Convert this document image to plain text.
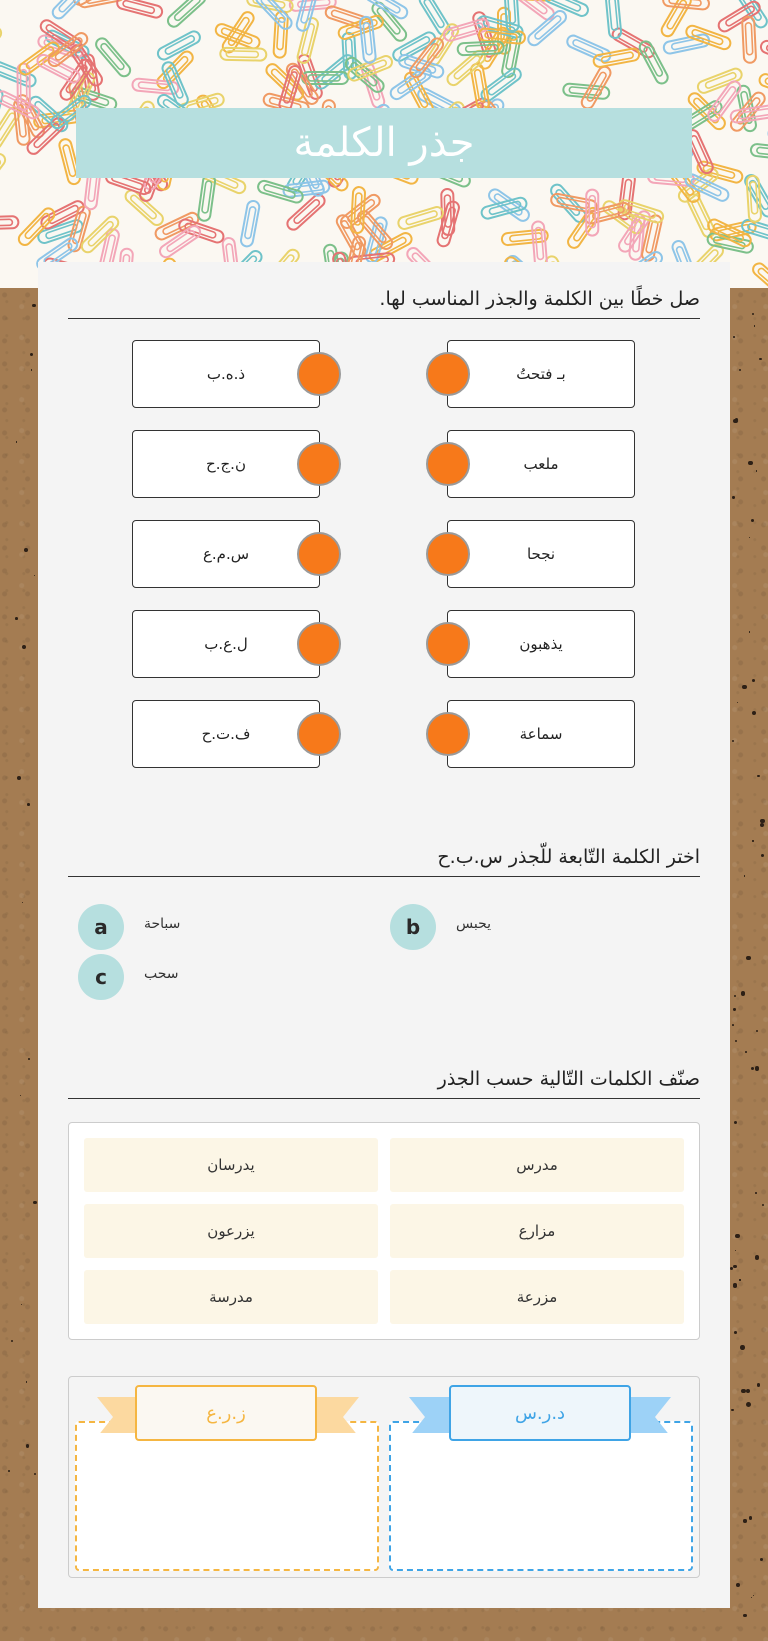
جذر الكلمة
صل خطًا بين الكلمة والجذر المناسب لها.
ذ.ه.ب
ن.ج.ح
س.م.ع
ل.ع.ب
ف.ت.ح
بـ فتحتُ
ملعب
نجحا
يذهبون
سماعة
اختر الكلمة التّابعة للّجذر س.ب.ح
a	سباحة	b	يحبس
c	سحب
صنّف الكلمات التّالية حسب الجذر
يدرسان	مدرس
يزرعون	مزارع
مدرسة	مزرعة
ز.ر.ع	د.ر.س
